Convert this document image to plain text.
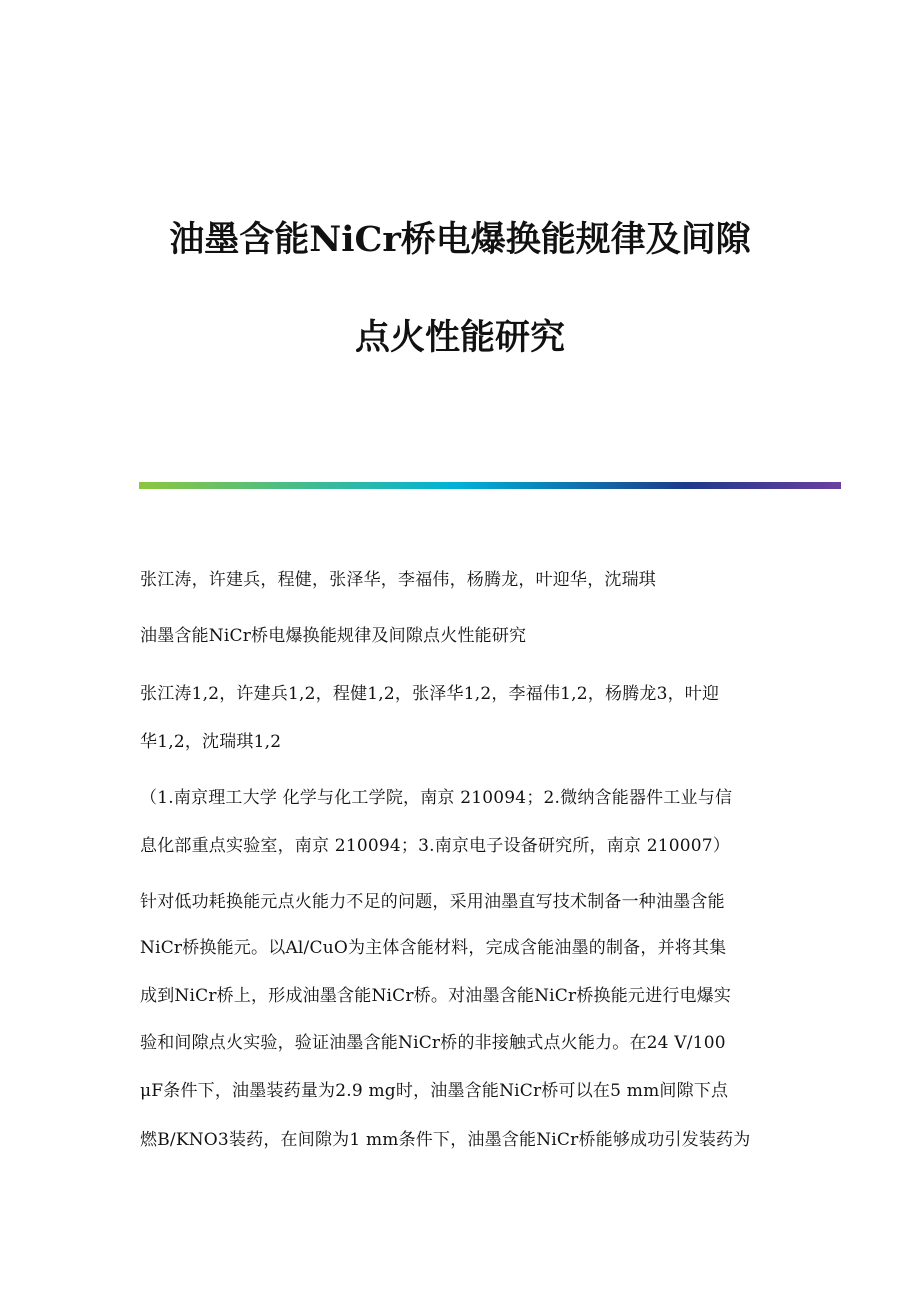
油墨含能NiCr桥电爆换能规律及间隙
点火性能研究
张江涛，许建兵，程健，张泽华，李福伟，杨腾龙，叶迎华，沈瑞琪
油墨含能NiCr桥电爆换能规律及间隙点火性能研究
张江涛1,2，许建兵1,2，程健1,2，张泽华1,2，李福伟1,2，杨腾龙3，叶迎
华1,2，沈瑞琪1,2
（1.南京理工大学 化学与化工学院，南京 210094；2.微纳含能器件工业与信
息化部重点实验室，南京 210094；3.南京电子设备研究所，南京 210007）
针对低功耗换能元点火能力不足的问题，采用油墨直写技术制备一种油墨含能
NiCr桥换能元。以Al/CuO为主体含能材料，完成含能油墨的制备，并将其集
成到NiCr桥上，形成油墨含能NiCr桥。对油墨含能NiCr桥换能元进行电爆实
验和间隙点火实验，验证油墨含能NiCr桥的非接触式点火能力。在24 V/100
μF条件下，油墨装药量为2.9 mg时，油墨含能NiCr桥可以在5 mm间隙下点
燃B/KNO3装药，在间隙为1 mm条件下，油墨含能NiCr桥能够成功引发装药为
